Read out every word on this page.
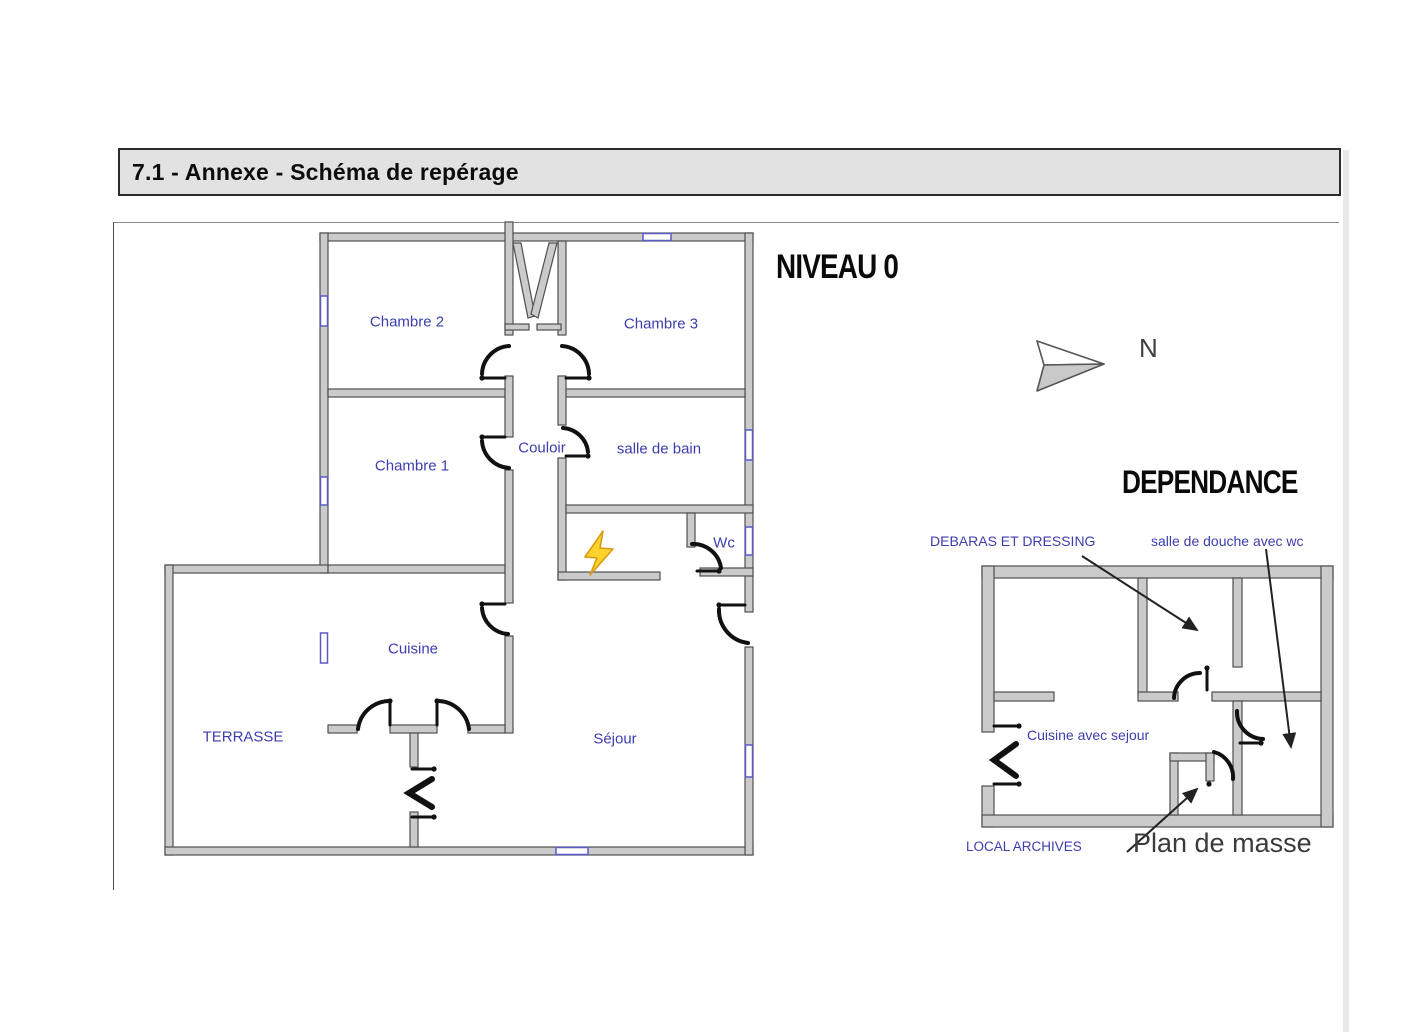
7.1 - Annexe - Schéma de repérage
NIVEAU 0
Chambre 2	Chambre 3
Chambre 1
Couloir	salle de bain
Wc
Cuisine
TERRASSE	Séjour
N
DEPENDANCE
DEBARAS ET DRESSING	salle de douche avec wc
Cuisine avec sejour
LOCAL ARCHIVES Plan de masse
